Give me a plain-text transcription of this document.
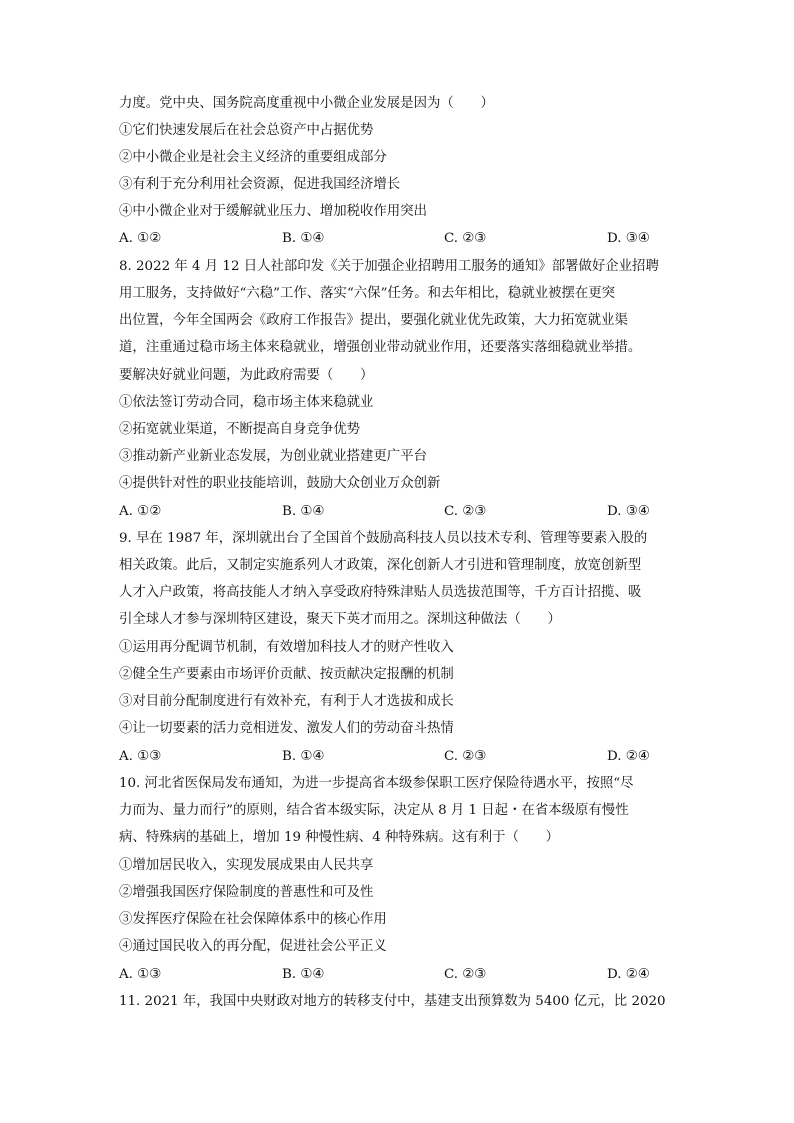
力度。党中央、国务院高度重视中小微企业发展是因为（　　）
①它们快速发展后在社会总资产中占据优势
②中小微企业是社会主义经济的重要组成部分
③有利于充分利用社会资源，促进我国经济增长
④中小微企业对于缓解就业压力、增加税收作用突出
A. ①②	B. ①④	C. ②③	D. ③④
8. 2022 年 4 月 12 日人社部印发《关于加强企业招聘用工服务的通知》部署做好企业招聘
用工服务，支持做好“六稳”工作、落实“六保”任务。和去年相比，稳就业被摆在更突
出位置，今年全国两会《政府工作报告》提出，要强化就业优先政策，大力拓宽就业渠
道，注重通过稳市场主体来稳就业，增强创业带动就业作用，还要落实落细稳就业举措。
要解决好就业问题，为此政府需要（　　）
①依法签订劳动合同，稳市场主体来稳就业
②拓宽就业渠道，不断提高自身竞争优势
③推动新产业新业态发展，为创业就业搭建更广平台
④提供针对性的职业技能培训，鼓励大众创业万众创新
A. ①②	B. ①④	C. ②③	D. ③④
9. 早在 1987 年，深圳就出台了全国首个鼓励高科技人员以技术专利、管理等要素入股的
相关政策。此后，又制定实施系列人才政策，深化创新人才引进和管理制度，放宽创新型
人才入户政策，将高技能人才纳入享受政府特殊津贴人员选拔范围等，千方百计招揽、吸
引全球人才参与深圳特区建设，聚天下英才而用之。深圳这种做法（　　）
①运用再分配调节机制，有效增加科技人才的财产性收入
②健全生产要素由市场评价贡献、按贡献决定报酬的机制
③对目前分配制度进行有效补充，有利于人才选拔和成长
④让一切要素的活力竞相迸发、激发人们的劳动奋斗热情
A. ①③	B. ①④	C. ②③	D. ②④
10. 河北省医保局发布通知，为进一步提高省本级参保职工医疗保险待遇水平，按照“尽
力而为、量力而行”的原则，结合省本级实际，决定从 8 月 1 日起・在省本级原有慢性
病、特殊病的基础上，增加 19 种慢性病、4 种特殊病。这有利于（　　）
①增加居民收入，实现发展成果由人民共享
②增强我国医疗保险制度的普惠性和可及性
③发挥医疗保险在社会保障体系中的核心作用
④通过国民收入的再分配，促进社会公平正义
A. ①③	B. ①④	C. ②③	D. ②④
11. 2021 年，我国中央财政对地方的转移支付中，基建支出预算数为 5400 亿元，比 2020
